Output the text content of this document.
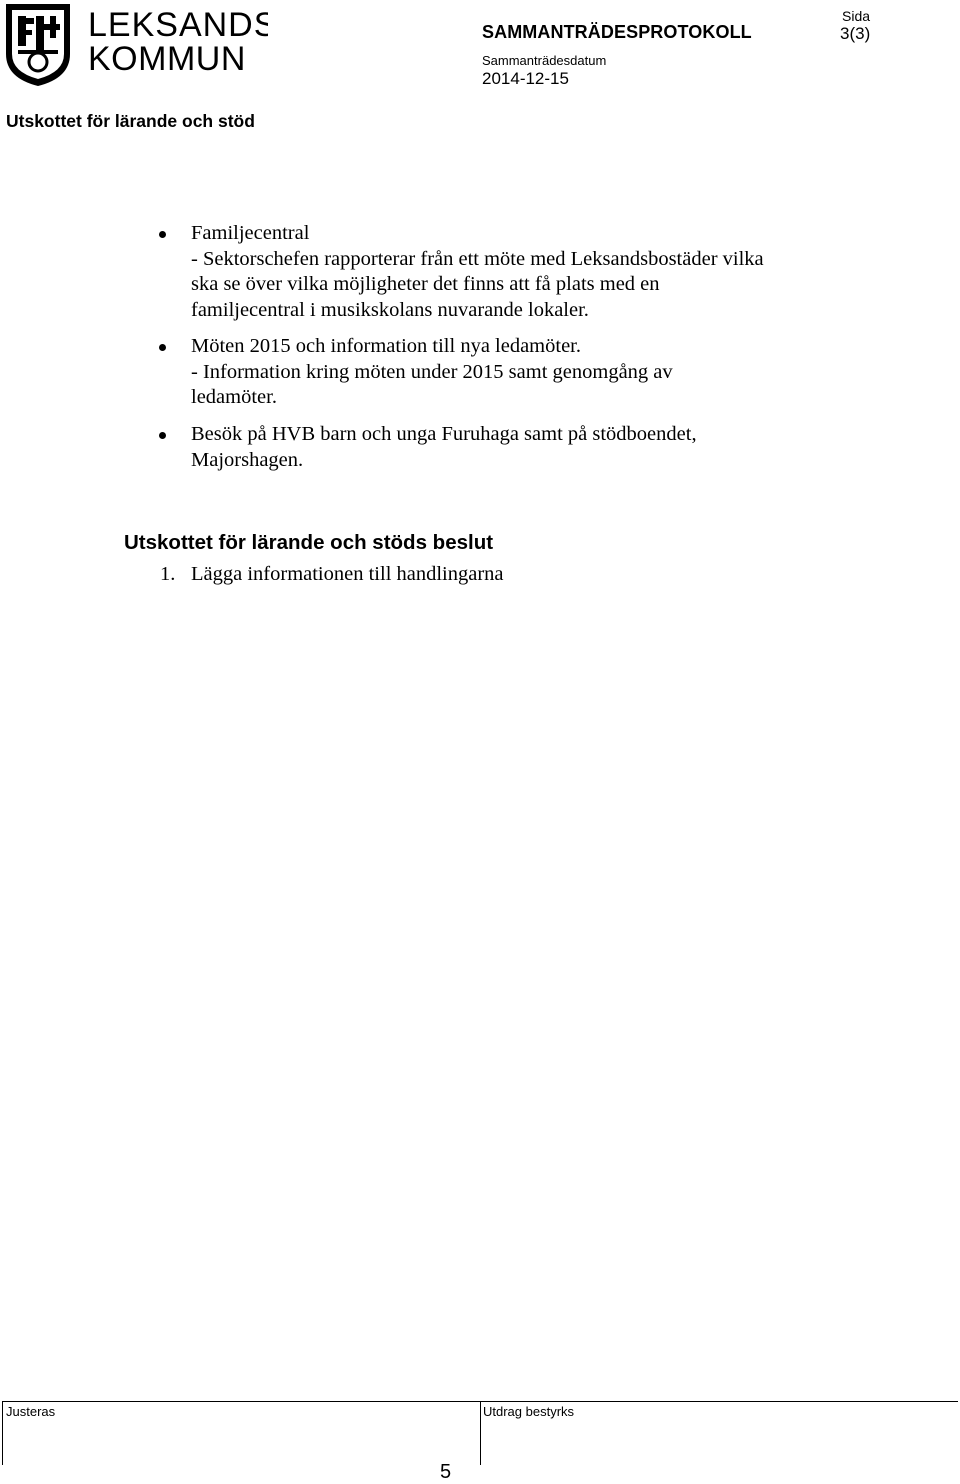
LEKSANDS
KOMMUN
SAMMANTRÄDESPROTOKOLL
Sida
3(3)
Sammanträdesdatum
2014-12-15
Utskottet för lärande och stöd
Familjecentral
- Sektorschefen rapporterar från ett möte med Leksandsbostäder vilka
ska se över vilka möjligheter det finns att få plats med en
familjecentral i musikskolans nuvarande lokaler.
Möten 2015 och information till nya ledamöter.
- Information kring möten under 2015 samt genomgång av
ledamöter.
Besök på HVB barn och unga Furuhaga samt på stödboendet,
Majorshagen.
Utskottet för lärande och stöds beslut
1. Lägga informationen till handlingarna
Justeras	Utdrag bestyrks
5
